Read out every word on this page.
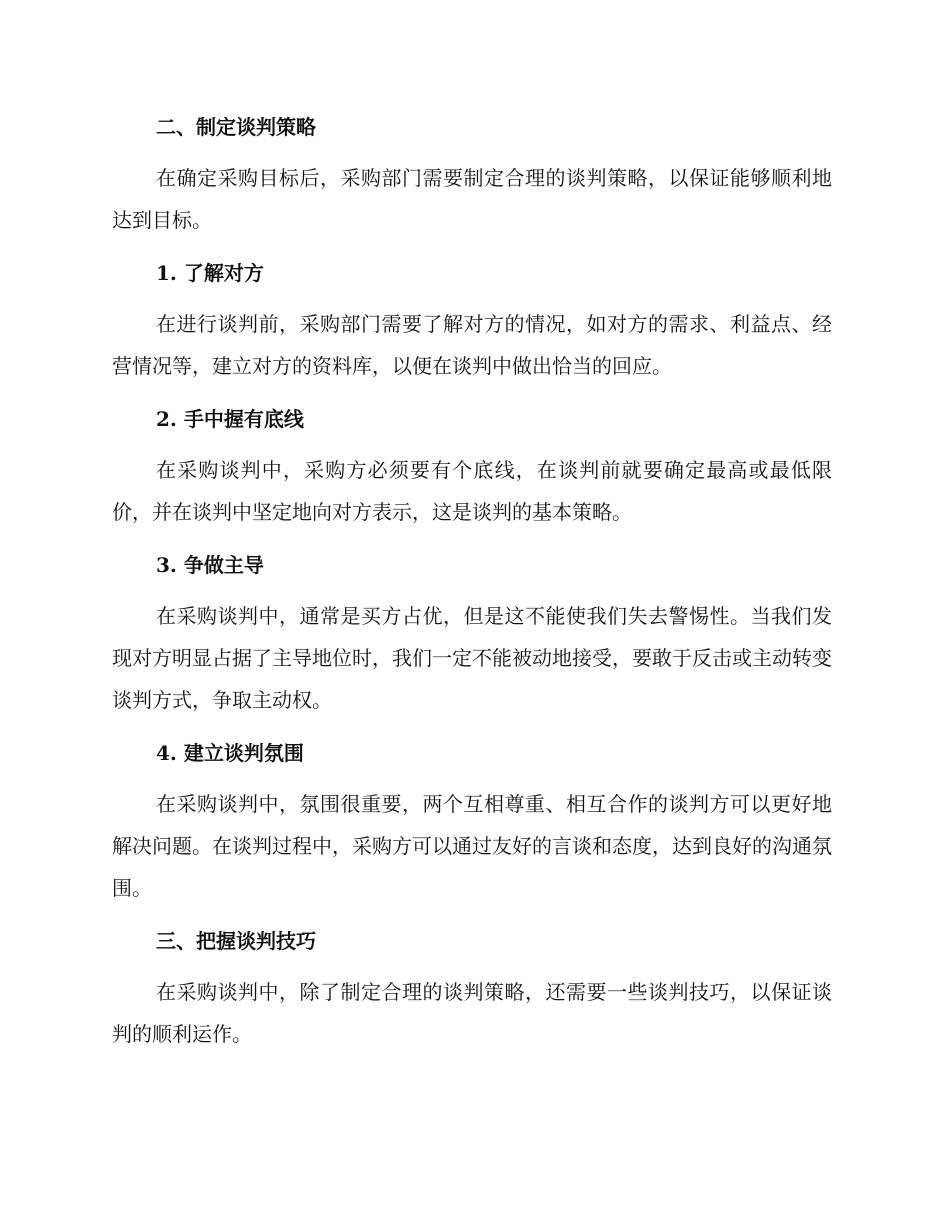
二、制定谈判策略

在确定采购目标后，采购部门需要制定合理的谈判策略，以保证能够顺利地达到目标。

1. 了解对方

在进行谈判前，采购部门需要了解对方的情况，如对方的需求、利益点、经营情况等，建立对方的资料库，以便在谈判中做出恰当的回应。

2. 手中握有底线

在采购谈判中，采购方必须要有个底线，在谈判前就要确定最高或最低限价，并在谈判中坚定地向对方表示，这是谈判的基本策略。

3. 争做主导

在采购谈判中，通常是买方占优，但是这不能使我们失去警惕性。当我们发现对方明显占据了主导地位时，我们一定不能被动地接受，要敢于反击或主动转变谈判方式，争取主动权。

4. 建立谈判氛围

在采购谈判中，氛围很重要，两个互相尊重、相互合作的谈判方可以更好地解决问题。在谈判过程中，采购方可以通过友好的言谈和态度，达到良好的沟通氛围。

三、把握谈判技巧

在采购谈判中，除了制定合理的谈判策略，还需要一些谈判技巧，以保证谈判的顺利运作。
